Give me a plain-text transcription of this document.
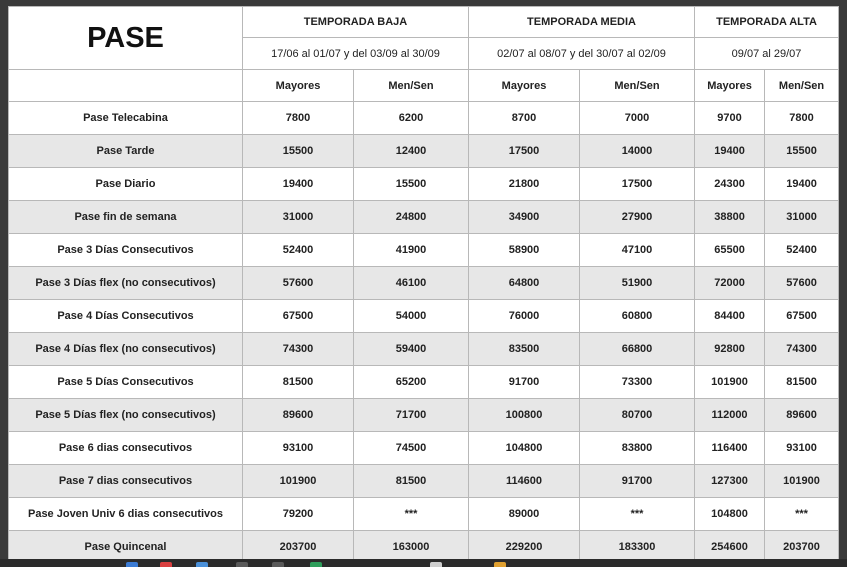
PASE	TEMPORADA BAJA		TEMPORADA MEDIA		TEMPORADA ALTA	
	17/06 al 01/07 y del 03/09 al 30/09		02/07 al 08/07 y del 30/07 al 02/09		09/07 al 29/07	
	Mayores	Men/Sen	Mayores	Men/Sen	Mayores	Men/Sen
Pase Telecabina	7800	6200	8700	7000	9700	7800
Pase Tarde	15500	12400	17500	14000	19400	15500
Pase Diario	19400	15500	21800	17500	24300	19400
Pase fin de semana	31000	24800	34900	27900	38800	31000
Pase 3 Días Consecutivos	52400	41900	58900	47100	65500	52400
Pase 3 Días flex (no consecutivos)	57600	46100	64800	51900	72000	57600
Pase 4 Días Consecutivos	67500	54000	76000	60800	84400	67500
Pase 4 Días flex (no consecutivos)	74300	59400	83500	66800	92800	74300
Pase 5 Días Consecutivos	81500	65200	91700	73300	101900	81500
Pase 5 Días flex (no consecutivos)	89600	71700	100800	80700	112000	89600
Pase 6 dias consecutivos	93100	74500	104800	83800	116400	93100
Pase 7 dias consecutivos	101900	81500	114600	91700	127300	101900
Pase Joven Univ 6 dias consecutivos	79200	***	89000	***	104800	***
Pase Quincenal	203700	163000	229200	183300	254600	203700
